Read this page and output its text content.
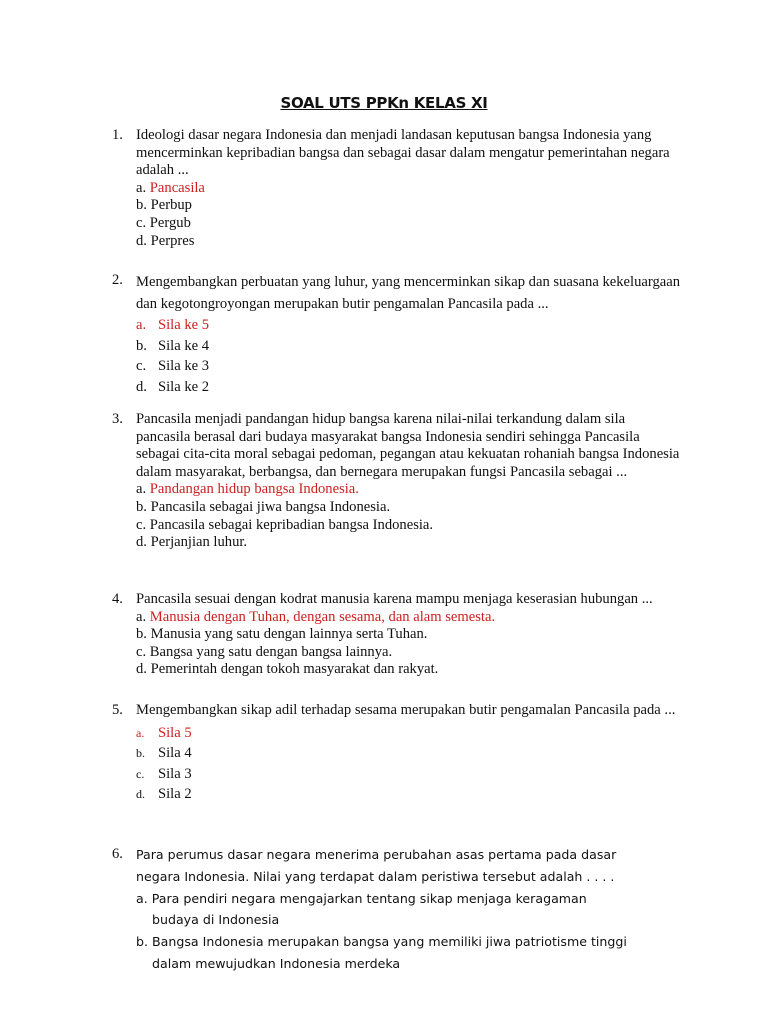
SOAL UTS PPKn KELAS XI
1. Ideologi dasar negara Indonesia dan menjadi landasan keputusan bangsa Indonesia yang mencerminkan kepribadian bangsa dan sebagai dasar dalam mengatur pemerintahan negara adalah ...

a. Pancasila

b. Perbup

c. Pergub

d. Perpres

2. Mengembangkan perbuatan yang luhur, yang mencerminkan sikap dan suasana kekeluargaan dan kegotongroyongan merupakan butir pengamalan Pancasila pada ...

a. Sila ke 5

b. Sila ke 4

c. Sila ke 3

d. Sila ke 2

3. Pancasila menjadi pandangan hidup bangsa karena nilai-nilai terkandung dalam sila pancasila berasal dari budaya masyarakat bangsa Indonesia sendiri sehingga Pancasila sebagai cita-cita moral sebagai pedoman, pegangan atau kekuatan rohaniah bangsa Indonesia dalam masyarakat, berbangsa, dan bernegara merupakan fungsi Pancasila sebagai ...

a. Pandangan hidup bangsa Indonesia.

b. Pancasila sebagai jiwa bangsa Indonesia.

c. Pancasila sebagai kepribadian bangsa Indonesia.

d. Perjanjian luhur.

4. Pancasila sesuai dengan kodrat manusia karena mampu menjaga keserasian hubungan ...

a. Manusia dengan Tuhan, dengan sesama, dan alam semesta.

b. Manusia yang satu dengan lainnya serta Tuhan.

c. Bangsa yang satu dengan bangsa lainnya.

d. Pemerintah dengan tokoh masyarakat dan rakyat.

5. Mengembangkan sikap adil terhadap sesama merupakan butir pengamalan Pancasila pada ...

a. Sila 5

b. Sila 4

c. Sila 3

d. Sila 2

6. Para perumus dasar negara menerima perubahan asas pertama pada dasar negara Indonesia. Nilai yang terdapat dalam peristiwa tersebut adalah . . . .

a. Para pendiri negara mengajarkan tentang sikap menjaga keragaman budaya di Indonesia

b. Bangsa Indonesia merupakan bangsa yang memiliki jiwa patriotisme tinggi dalam mewujudkan Indonesia merdeka
